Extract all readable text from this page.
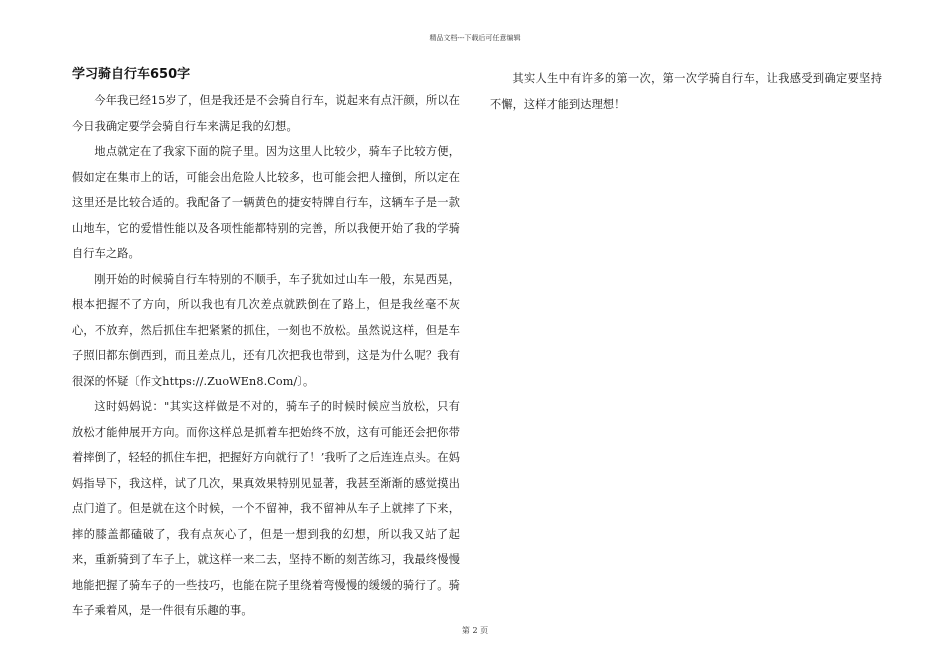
精品文档---下载后可任意编辑
学习骑自行车650字

今年我已经15岁了，但是我还是不会骑自行车，说起来有点汗颜，所以在今日我确定要学会骑自行车来满足我的幻想。

地点就定在了我家下面的院子里。因为这里人比较少，骑车子比较方便，假如定在集市上的话，可能会出危险人比较多，也可能会把人撞倒，所以定在这里还是比较合适的。我配备了一辆黄色的捷安特牌自行车，这辆车子是一款山地车，它的爱惜性能以及各项性能都特别的完善，所以我便开始了我的学骑自行车之路。

刚开始的时候骑自行车特别的不顺手，车子犹如过山车一般，东晃西晃，根本把握不了方向，所以我也有几次差点就跌倒在了路上，但是我丝毫不灰心，不放弃，然后抓住车把紧紧的抓住，一刻也不放松。虽然说这样，但是车子照旧都东倒西到，而且差点儿，还有几次把我也带到，这是为什么呢？我有很深的怀疑〔作文https://.ZuoWEn8.Com/〕。

这时妈妈说："其实这样做是不对的，骑车子的时候时候应当放松，只有放松才能伸展开方向。而你这样总是抓着车把始终不放，这有可能还会把你带着摔倒了，轻轻的抓住车把，把握好方向就行了！’我听了之后连连点头。在妈妈指导下，我这样，试了几次，果真效果特别见显著，我甚至渐渐的感觉摸出点门道了。但是就在这个时候，一个不留神，我不留神从车子上就摔了下来，摔的膝盖都磕破了，我有点灰心了，但是一想到我的幻想，所以我又站了起来，重新骑到了车子上，就这样一来二去，坚持不断的刻苦练习，我最终慢慢地能把握了骑车子的一些技巧，也能在院子里绕着弯慢慢的缓缓的骑行了。骑车子乘着风，是一件很有乐趣的事。

其实人生中有许多的第一次，第一次学骑自行车，让我感受到确定要坚持不懈，这样才能到达理想！

第 2 页
